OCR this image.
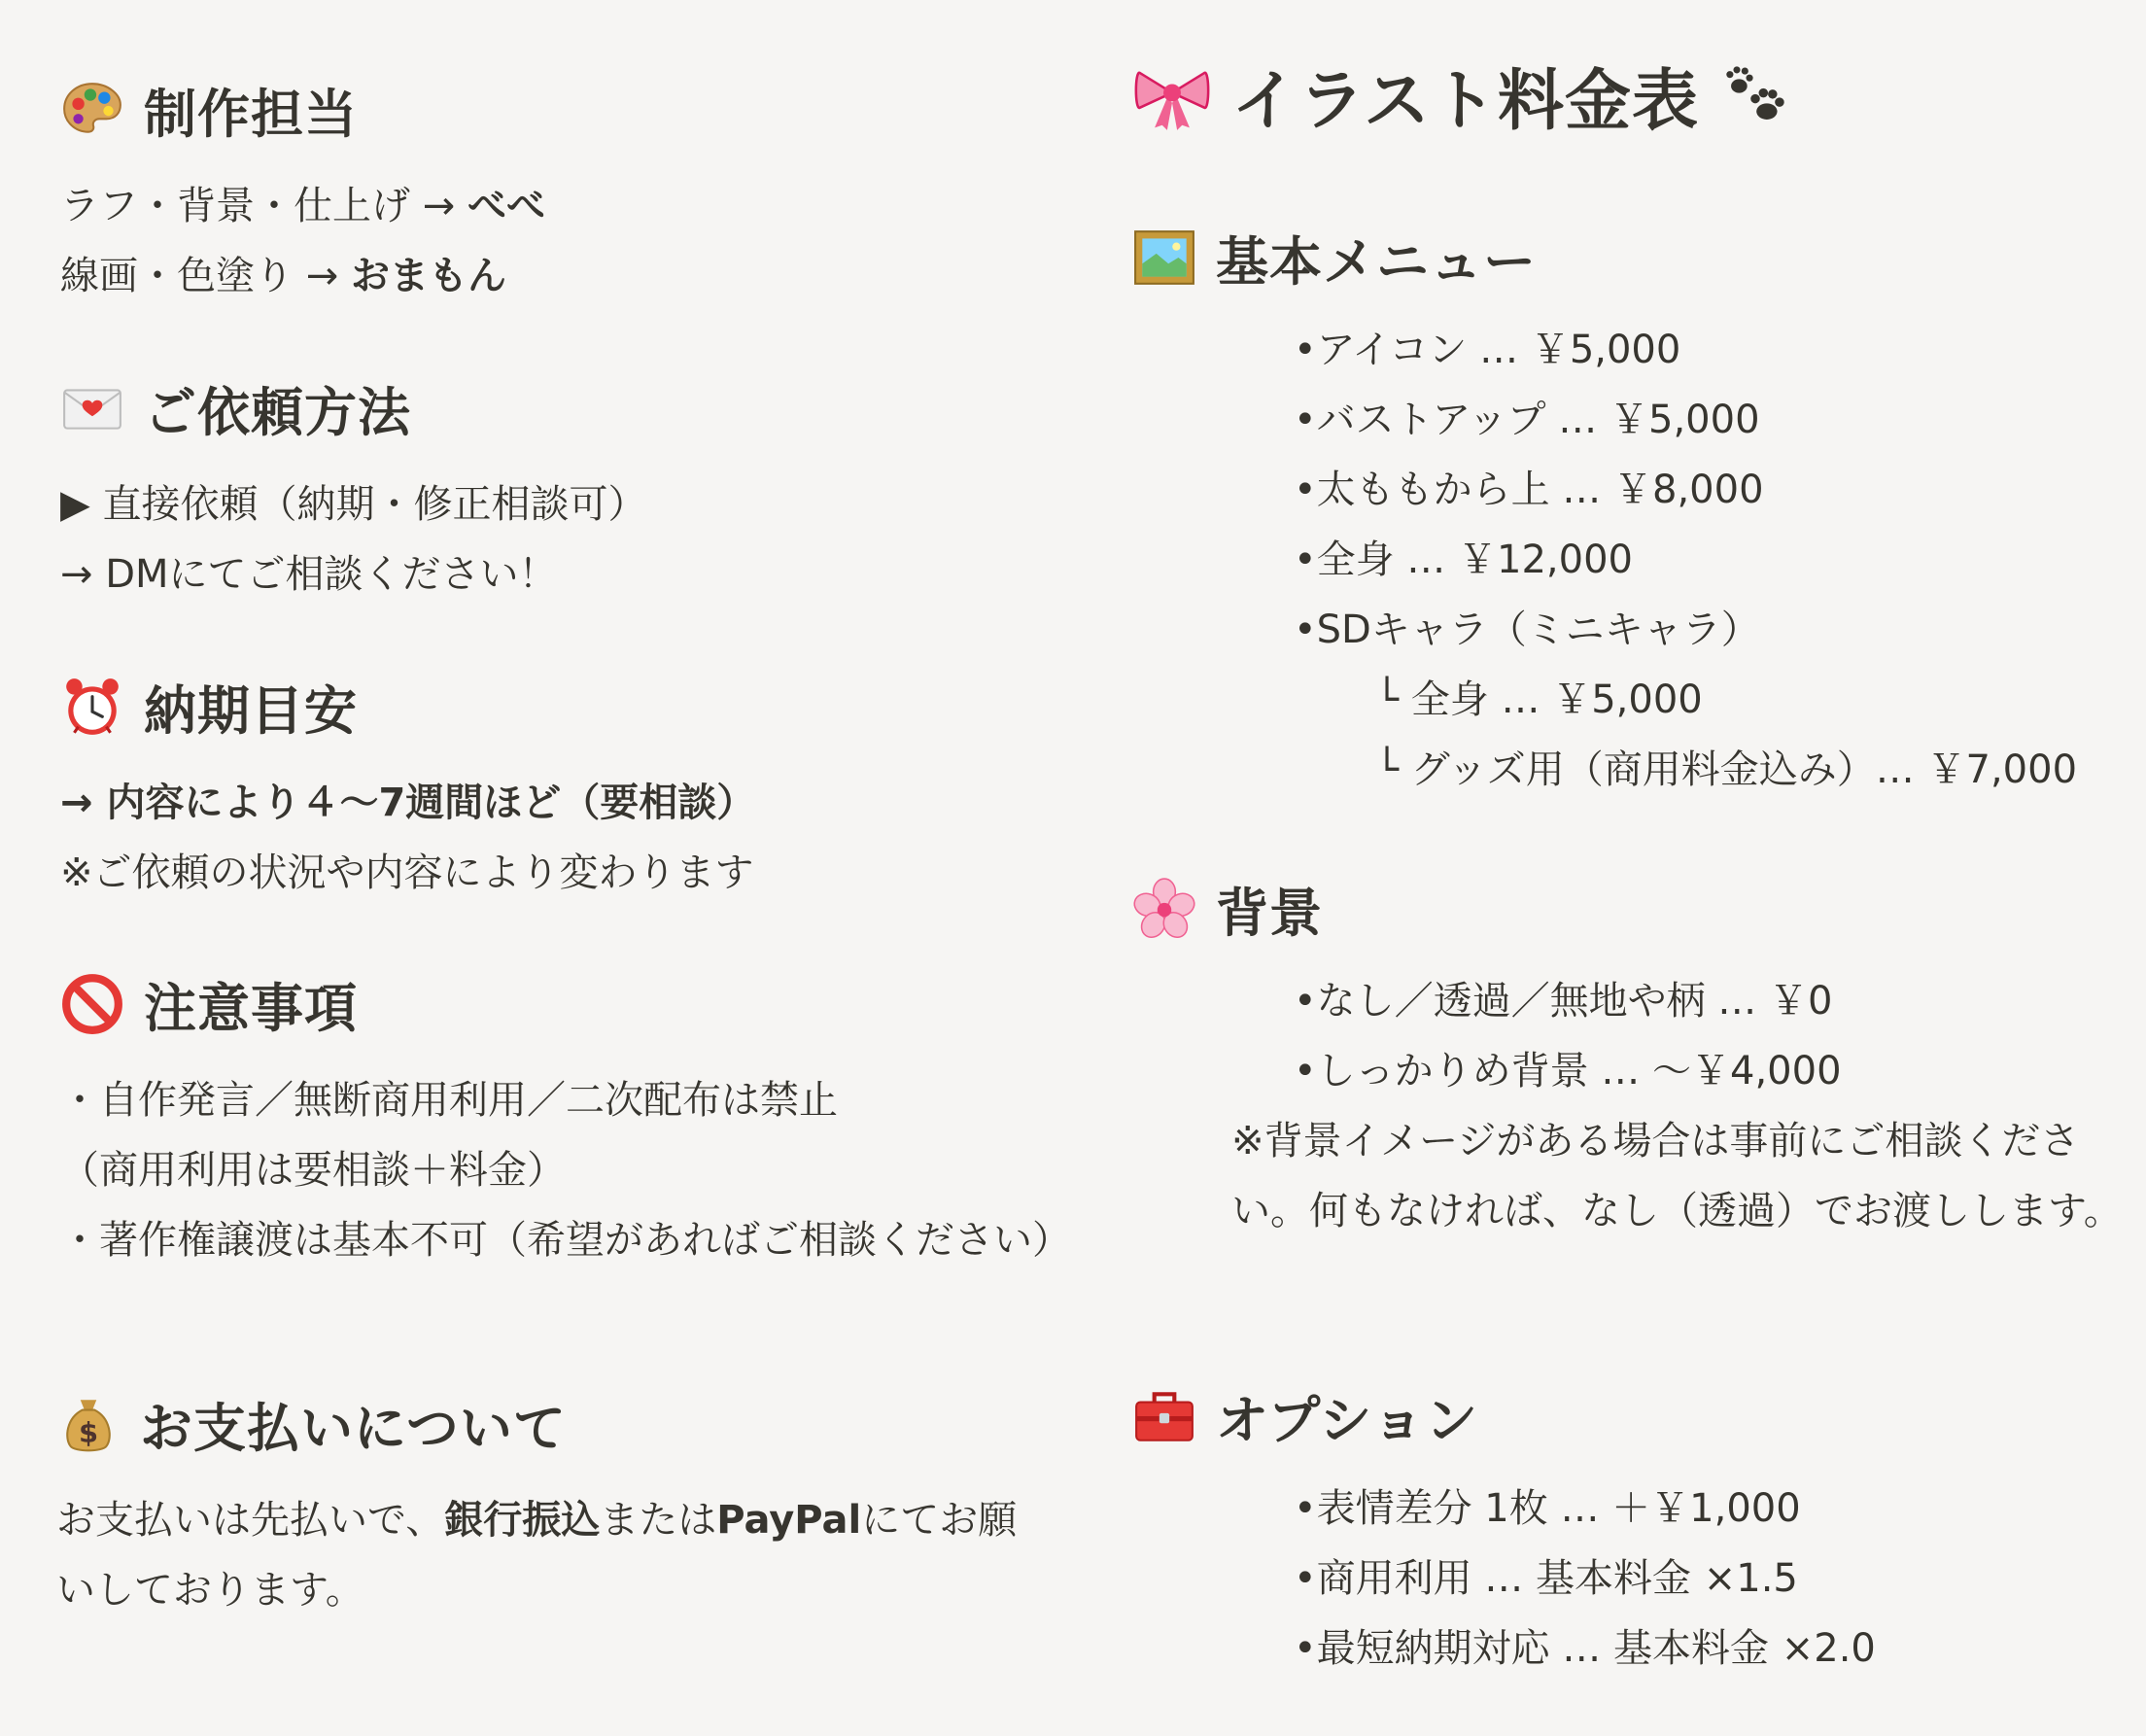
制作担当
ラフ・背景・仕上げ → べべ
線画・色塗り → おまもん
ご依頼方法
▶ 直接依頼（納期・修正相談可）
→ DMにてご相談ください！
納期目安
→ 内容により４〜7週間ほど（要相談）
※ご依頼の状況や内容により変わります
注意事項
・自作発言／無断商用利用／二次配布は禁止
（商用利用は要相談＋料金）
・著作権譲渡は基本不可（希望があればご相談ください）
$ お支払いについて
お支払いは先払いで、銀行振込またはPayPalにてお願いしております。
イラスト料金表
基本メニュー
•アイコン … ￥5,000
•バストアップ … ￥5,000
•太ももから上 … ￥8,000
•全身 … ￥12,000
•SDキャラ（ミニキャラ）
└ 全身 … ￥5,000
└ グッズ用（商用料金込み）… ￥7,000
背景
•なし／透過／無地や柄 … ￥0
•しっかりめ背景 … 〜￥4,000
※背景イメージがある場合は事前にご相談ください。何もなければ、なし（透過）でお渡しします。
オプション
•表情差分 1枚 … ＋￥1,000
•商用利用 … 基本料金 ×1.5
•最短納期対応 … 基本料金 ×2.0
